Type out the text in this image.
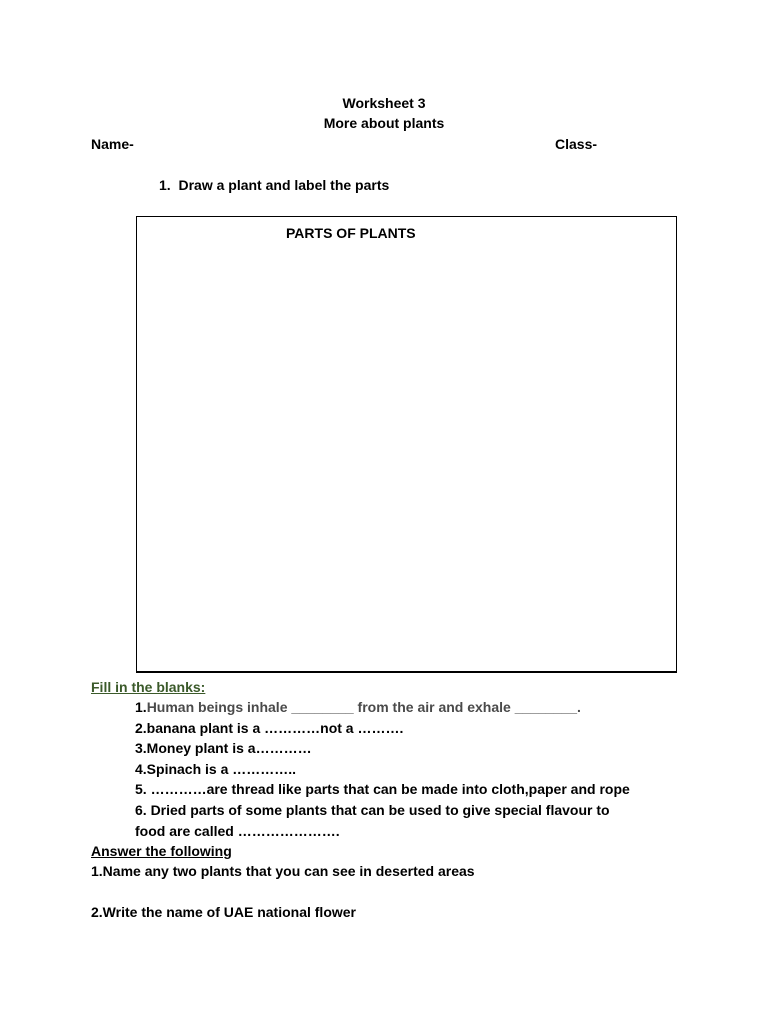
Worksheet 3
More about plants
Name-	Class-
1. Draw a plant and label the parts
PARTS OF PLANTS
Fill in the blanks:
1.Human beings inhale ________ from the air and exhale ________.
2.banana plant is a …………not a ……….
3.Money plant is a…………
4.Spinach is a …………..
5. …………are thread like parts that can be made into cloth,paper and rope
6. Dried parts of some plants that can be used to give special flavour to
food are called ………………….
Answer the following
1.Name any two plants that you can see in deserted areas
2.Write the name of UAE national flower
